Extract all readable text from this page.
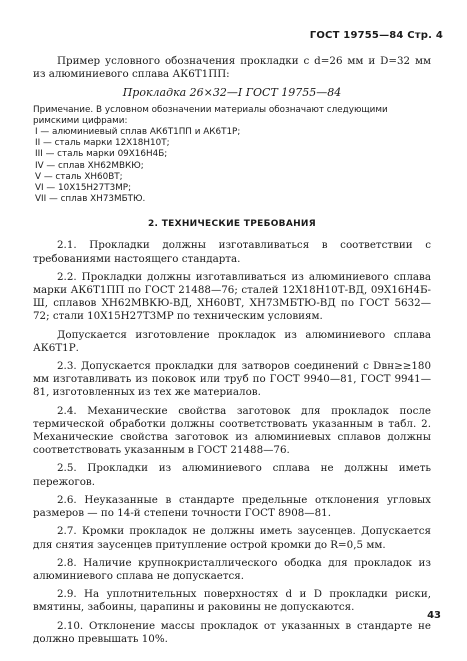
ГОСТ 19755—84 Стр. 4

Пример условного обозначения прокладки с d=26 мм и D=32 мм из алюминиевого сплава АК6Т1ПП:

Прокладка 26×32—I ГОСТ 19755—84

Примечание. В условном обозначении материалы обозначают следующими римскими цифрами:

I — алюминиевый сплав АК6Т1ПП и АК6Т1Р;

II — сталь марки 12Х18Н10Т;

III — сталь марки 09Х16Н4Б;

IV — сплав ХН62МВКЮ;

V — сталь ХН60ВТ;

VI — 10Х15Н27Т3МР;

VII — сплав ХН73МБТЮ.

2. ТЕХНИЧЕСКИЕ ТРЕБОВАНИЯ

2.1. Прокладки должны изготавливаться в соответствии с требованиями настоящего стандарта.

2.2. Прокладки должны изготавливаться из алюминиевого сплава марки АК6Т1ПП по ГОСТ 21488—76; сталей 12Х18Н10Т-ВД, 09Х16Н4Б-Ш, сплавов ХН62МВКЮ-ВД, ХН60ВТ, ХН73МБТЮ-ВД по ГОСТ 5632—72; стали 10Х15Н27Т3МР по техническим условиям.

Допускается изготовление прокладок из алюминиевого сплава АК6Т1Р.

2.3. Допускается прокладки для затворов соединений с Dвн≥≥180 мм изготавливать из поковок или труб по ГОСТ 9940—81, ГОСТ 9941—81, изготовленных из тех же материалов.

2.4. Механические свойства заготовок для прокладок после термической обработки должны соответствовать указанным в табл. 2. Механические свойства заготовок из алюминиевых сплавов должны соответствовать указанным в ГОСТ 21488—76.

2.5. Прокладки из алюминиевого сплава не должны иметь пережогов.

2.6. Неуказанные в стандарте предельные отклонения угловых размеров — по 14-й степени точности ГОСТ 8908—81.

2.7. Кромки прокладок не должны иметь заусенцев. Допускается для снятия заусенцев притупление острой кромки до R=0,5 мм.

2.8. Наличие крупнокристаллического ободка для прокладок из алюминиевого сплава не допускается.

2.9. На уплотнительных поверхностях d и D прокладки риски, вмятины, забоины, царапины и раковины не допускаются.

2.10. Отклонение массы прокладок от указанных в стандарте не должно превышать 10%.

43
